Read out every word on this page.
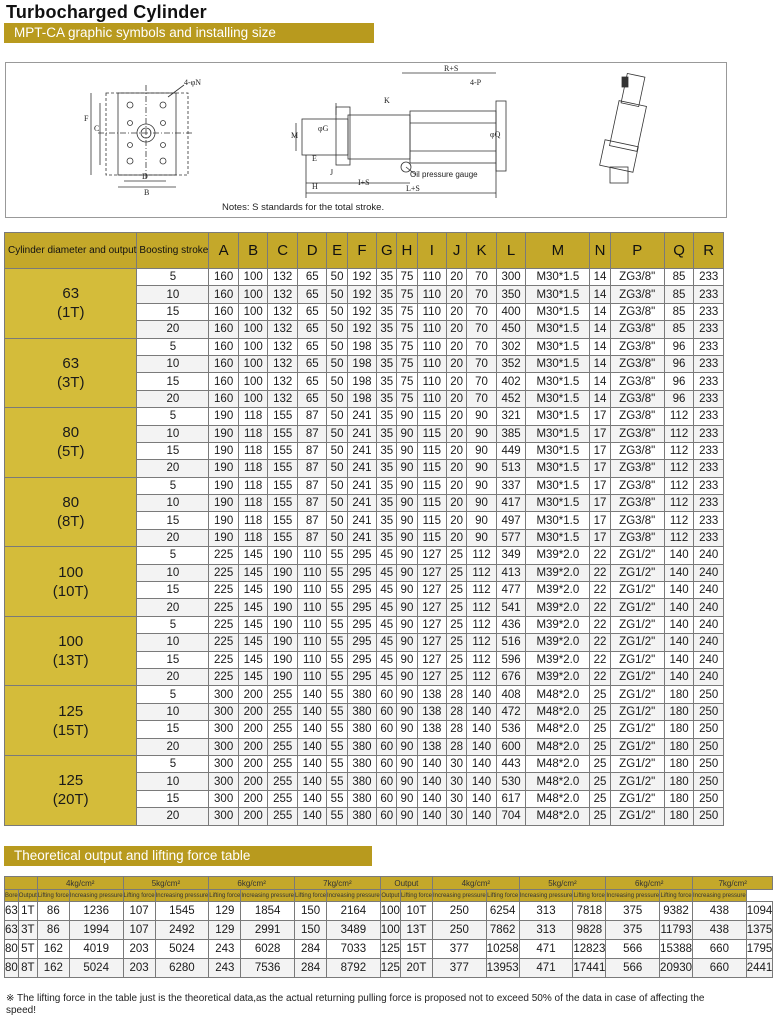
Turbocharged Cylinder
MPT-CA graphic symbols and installing size
4-φN
F
C
D
B
R+S
4-P
K
M
φG
E
J
H	I+S
L+S
φQ
Oil pressure gauge
Notes: S standards for the total stroke.
Cylinder diameter and output	Boosting stroke	A	B	C	D	E	F	G	H	I	J	K	L	M	N	P	Q	R

63
(1T)	5	160	100	132	65	50	192	35	75	110	20	70	300	M30*1.5	14	ZG3/8"	85	233
	10	160	100	132	65	50	192	35	75	110	20	70	350	M30*1.5	14	ZG3/8"	85	233
	15	160	100	132	65	50	192	35	75	110	20	70	400	M30*1.5	14	ZG3/8"	85	233
	20	160	100	132	65	50	192	35	75	110	20	70	450	M30*1.5	14	ZG3/8"	85	233

63
(3T)	5	160	100	132	65	50	198	35	75	110	20	70	302	M30*1.5	14	ZG3/8"	96	233
	10	160	100	132	65	50	198	35	75	110	20	70	352	M30*1.5	14	ZG3/8"	96	233
	15	160	100	132	65	50	198	35	75	110	20	70	402	M30*1.5	14	ZG3/8"	96	233
	20	160	100	132	65	50	198	35	75	110	20	70	452	M30*1.5	14	ZG3/8"	96	233

80
(5T)	5	190	118	155	87	50	241	35	90	115	20	90	321	M30*1.5	17	ZG3/8"	112	233
	10	190	118	155	87	50	241	35	90	115	20	90	385	M30*1.5	17	ZG3/8"	112	233
	15	190	118	155	87	50	241	35	90	115	20	90	449	M30*1.5	17	ZG3/8"	112	233
	20	190	118	155	87	50	241	35	90	115	20	90	513	M30*1.5	17	ZG3/8"	112	233

80
(8T)	5	190	118	155	87	50	241	35	90	115	20	90	337	M30*1.5	17	ZG3/8"	112	233
	10	190	118	155	87	50	241	35	90	115	20	90	417	M30*1.5	17	ZG3/8"	112	233
	15	190	118	155	87	50	241	35	90	115	20	90	497	M30*1.5	17	ZG3/8"	112	233
	20	190	118	155	87	50	241	35	90	115	20	90	577	M30*1.5	17	ZG3/8"	112	233

100
(10T)	5	225	145	190	110	55	295	45	90	127	25	112	349	M39*2.0	22	ZG1/2"	140	240
	10	225	145	190	110	55	295	45	90	127	25	112	413	M39*2.0	22	ZG1/2"	140	240
	15	225	145	190	110	55	295	45	90	127	25	112	477	M39*2.0	22	ZG1/2"	140	240
	20	225	145	190	110	55	295	45	90	127	25	112	541	M39*2.0	22	ZG1/2"	140	240

100
(13T)	5	225	145	190	110	55	295	45	90	127	25	112	436	M39*2.0	22	ZG1/2"	140	240
	10	225	145	190	110	55	295	45	90	127	25	112	516	M39*2.0	22	ZG1/2"	140	240
	15	225	145	190	110	55	295	45	90	127	25	112	596	M39*2.0	22	ZG1/2"	140	240
	20	225	145	190	110	55	295	45	90	127	25	112	676	M39*2.0	22	ZG1/2"	140	240

125
(15T)	5	300	200	255	140	55	380	60	90	138	28	140	408	M48*2.0	25	ZG1/2"	180	250
	10	300	200	255	140	55	380	60	90	138	28	140	472	M48*2.0	25	ZG1/2"	180	250
	15	300	200	255	140	55	380	60	90	138	28	140	536	M48*2.0	25	ZG1/2"	180	250
	20	300	200	255	140	55	380	60	90	138	28	140	600	M48*2.0	25	ZG1/2"	180	250

125
(20T)	5	300	200	255	140	55	380	60	90	140	30	140	443	M48*2.0	25	ZG1/2"	180	250
	10	300	200	255	140	55	380	60	90	140	30	140	530	M48*2.0	25	ZG1/2"	180	250
	15	300	200	255	140	55	380	60	90	140	30	140	617	M48*2.0	25	ZG1/2"	180	250
	20	300	200	255	140	55	380	60	90	140	30	140	704	M48*2.0	25	ZG1/2"	180	250
Theoretical output and lifting force table
		4kg/cm²		5kg/cm²		6kg/cm²		7kg/cm²		Output		4kg/cm²		5kg/cm²		6kg/cm²		7kg/cm²	
Bore	Output	Lifting force	Increasing pressure	Lifting force	Increasing pressure	Lifting force	Increasing pressure	Lifting force	Increasing pressure	Output	Lifting force	Increasing pressure	Lifting force	Increasing pressure	Lifting force	Increasing pressure	Lifting force	Increasing pressure	
63	1T	86	1236	107	1545	129	1854	150	2164	100	10T	250	6254	313	7818	375	9382	438	1094
63	3T	86	1994	107	2492	129	2991	150	3489	100	13T	250	7862	313	9828	375	11793	438	1375
80	5T	162	4019	203	5024	243	6028	284	7033	125	15T	377	10258	471	12823	566	15388	660	1795
80	8T	162	5024	203	6280	243	7536	284	8792	125	20T	377	13953	471	17441	566	20930	660	2441
※ The lifting force in the table just is the theoretical data,as the actual returning pulling force is proposed not to exceed 50% of the data in case of affecting the speed!
